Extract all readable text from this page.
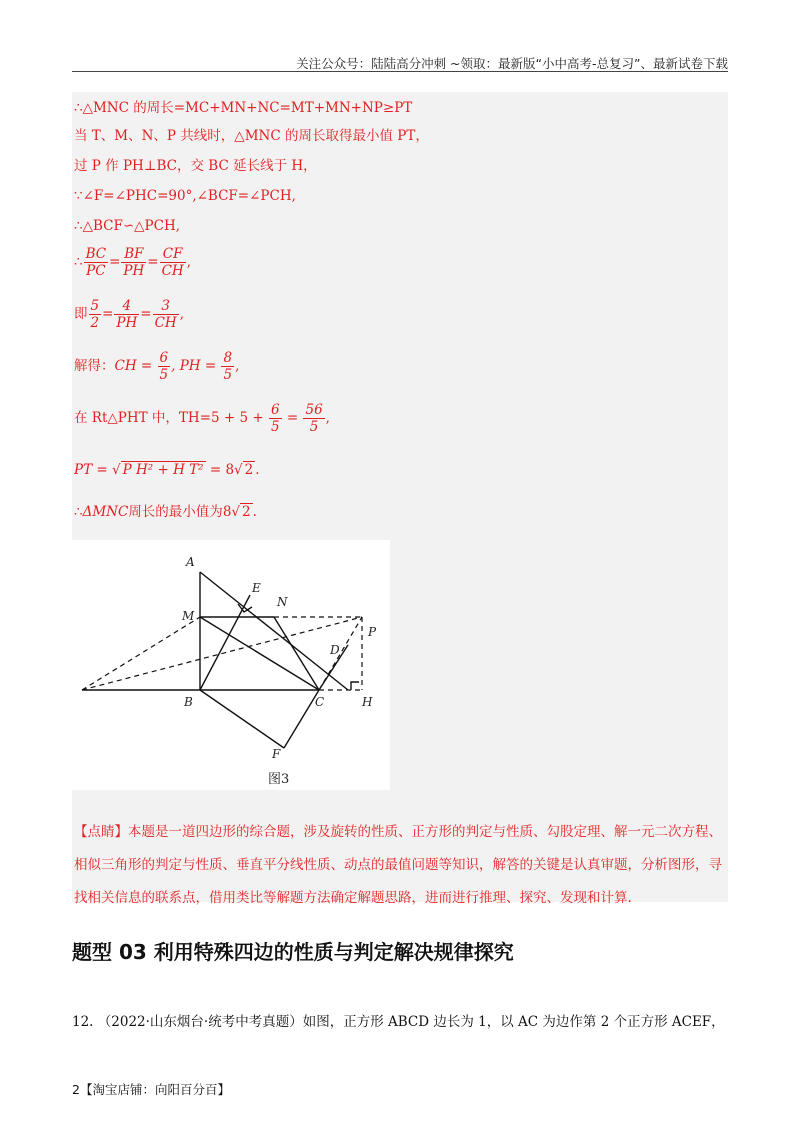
关注公众号：陆陆高分冲刺 ~领取：最新版“小中高考-总复习”、最新试卷下载
∴△MNC 的周长=MC+MN+NC=MT+MN+NP≥PT
当 T、M、N、P 共线时，△MNC 的周长取得最小值 PT，
过 P 作 PH⊥BC，交 BC 延长线于 H，
∵∠F=∠PHC=90°,∠BCF=∠PCH,
∴△BCF∽△PCH,
∴ $\frac{BC}{PC} = \frac{BF}{PH} = \frac{CF}{CH}$ ,
即 $\frac{5}{2} = \frac{4}{PH} = \frac{3}{CH}$ ,
解得：CH = $\frac{6}{5}$ , PH = $\frac{8}{5}$ ,
在 Rt△PHT 中，$TH=5 + 5 + \frac{6}{5} = \frac{56}{5}$ ,
PT = √ P H² + H T² = 8√ 2 .
∴ΔMNC周长的最小值为8√ 2 .
A
E
N
M
P
D
B	C	H
F
图3
【点睛】本题是一道四边形的综合题，涉及旋转的性质、正方形的判定与性质、勾股定理、解一元二次方程、相似三角形的判定与性质、垂直平分线性质、动点的最值问题等知识，解答的关键是认真审题，分析图形，寻找相关信息的联系点，借用类比等解题方法确定解题思路，进而进行推理、探究、发现和计算.
题型 03 利用特殊四边的性质与判定解决规律探究
12. （2022·山东烟台·统考中考真题）如图，正方形 ABCD 边长为 1，以 AC 为边作第 2 个正方形 ACEF，
2【淘宝店铺：向阳百分百】
